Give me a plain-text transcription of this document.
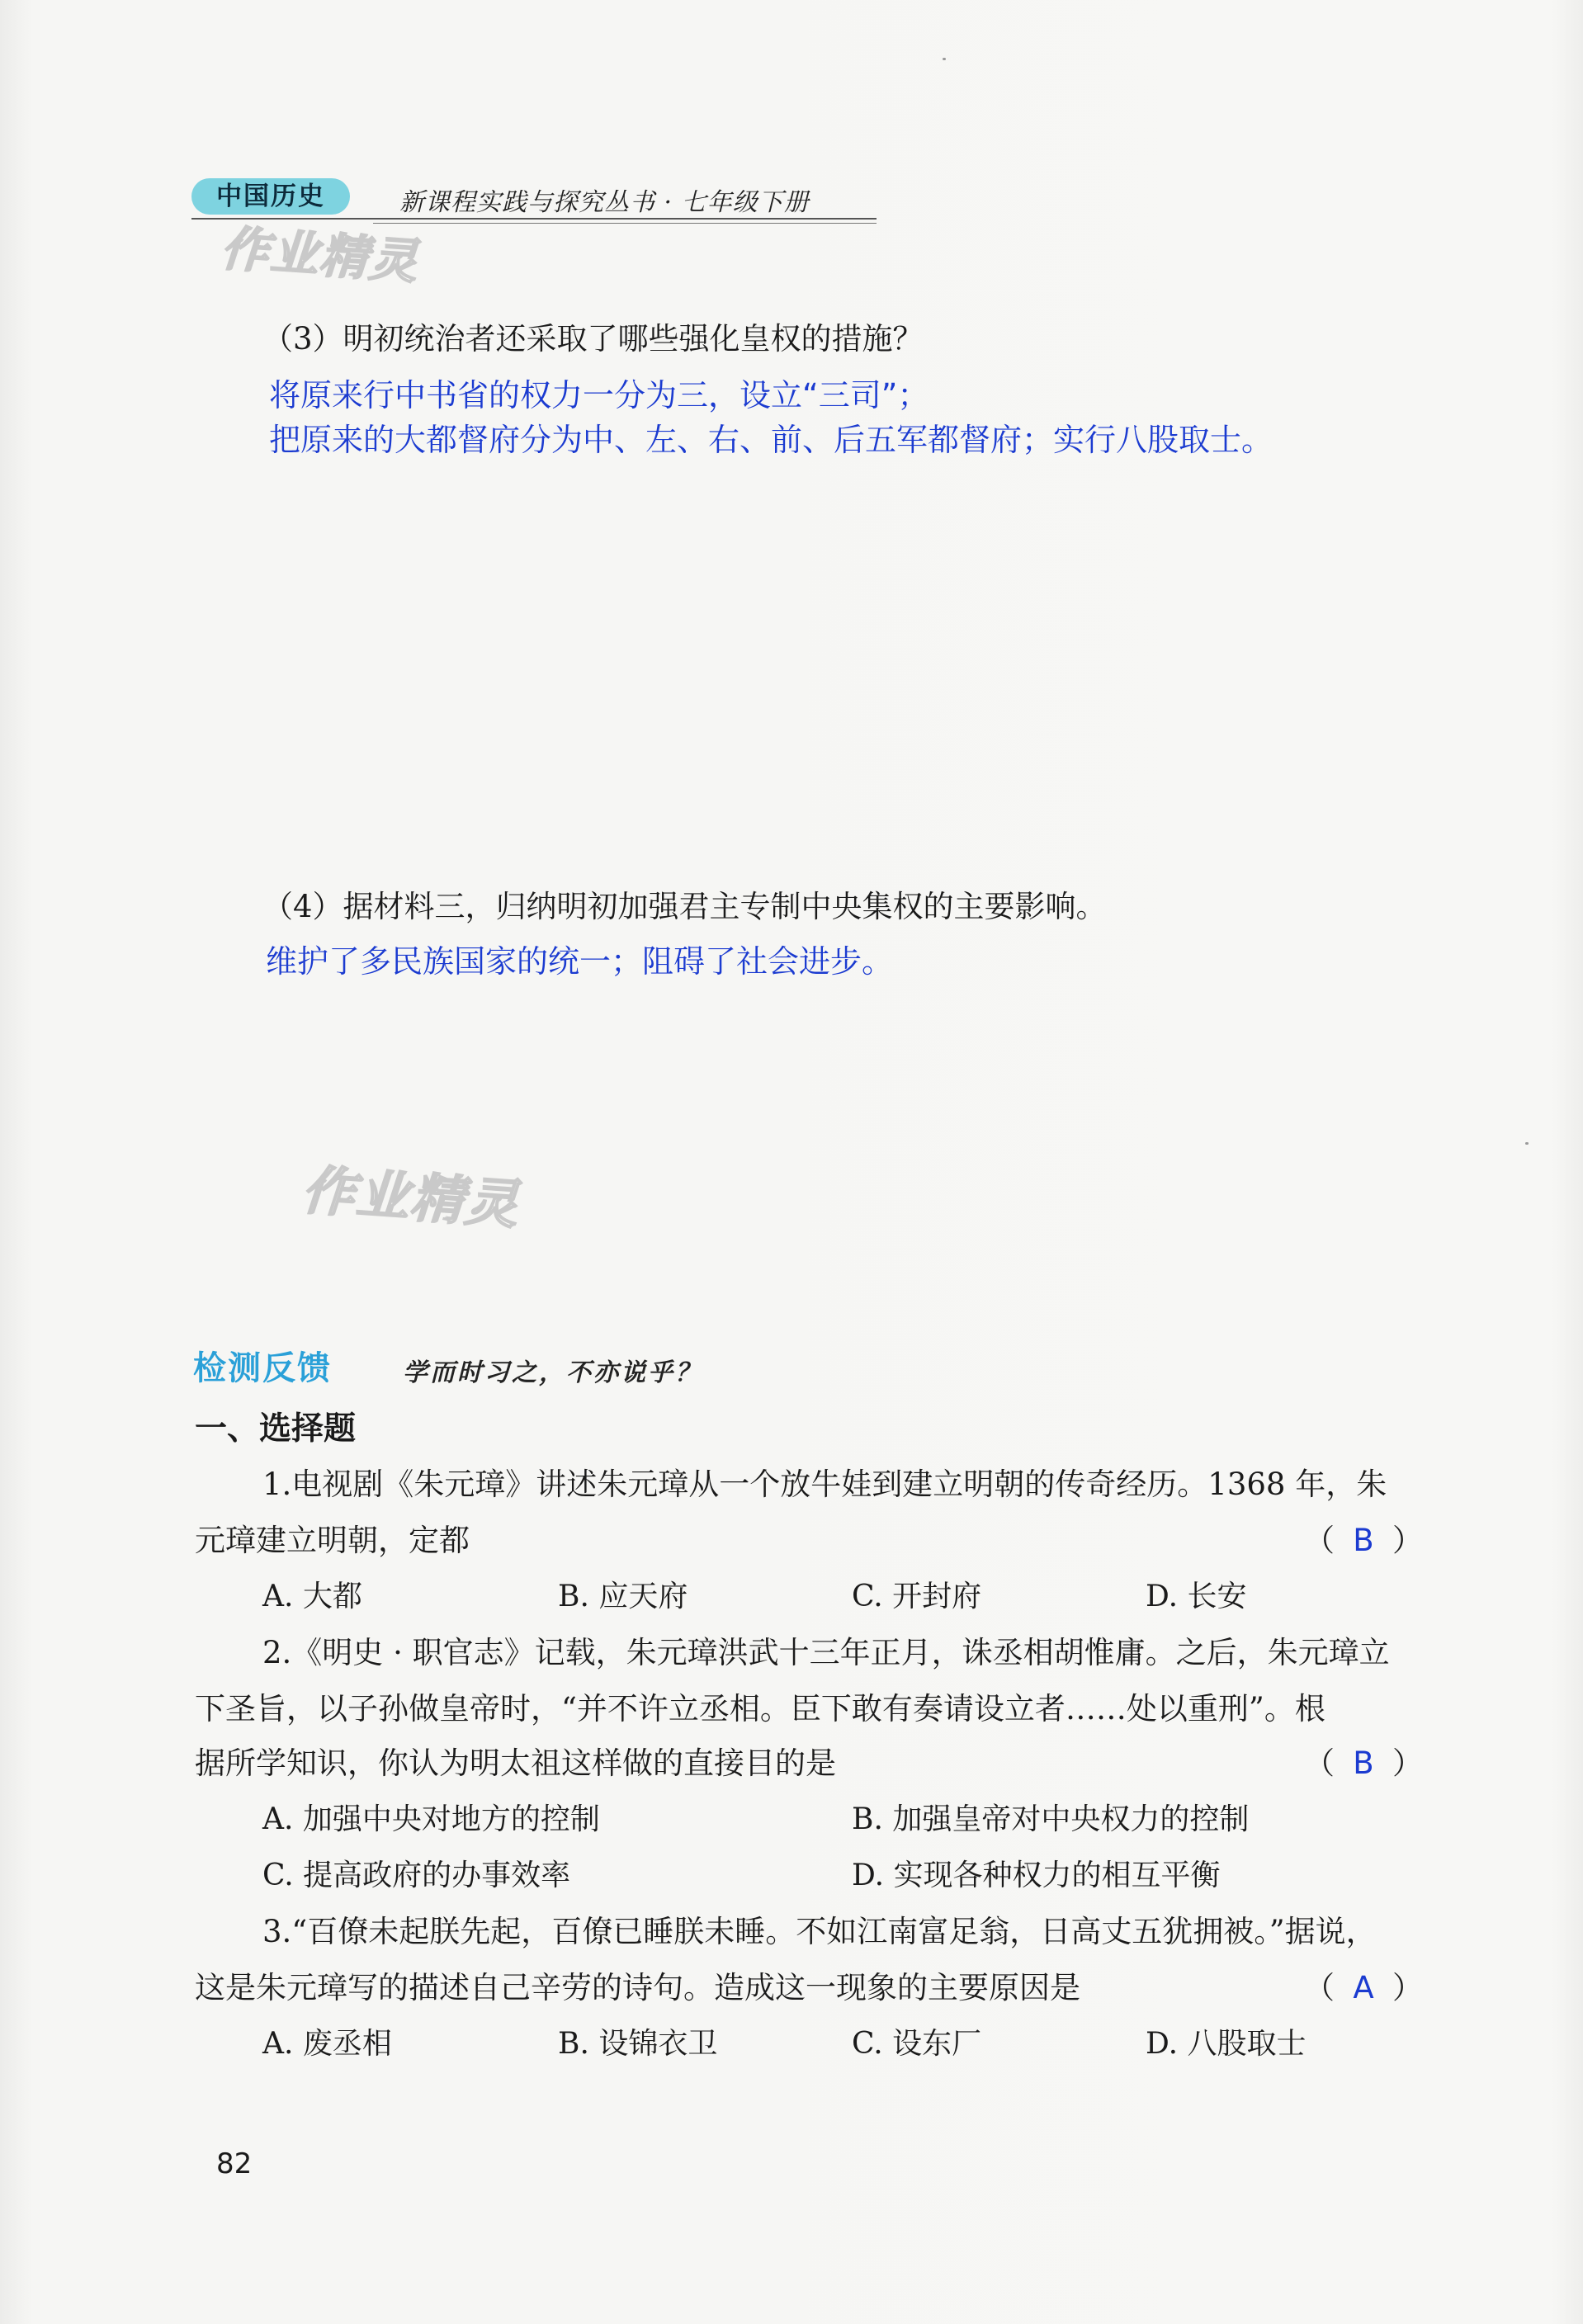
中国历史	新课程实践与探究丛书 · 七年级下册
作业精灵
作业精灵
（3）明初统治者还采取了哪些强化皇权的措施？
将原来行中书省的权力一分为三，设立“三司”；
把原来的大都督府分为中、左、右、前、后五军都督府；实行八股取士。
（4）据材料三，归纳明初加强君主专制中央集权的主要影响。
维护了多民族国家的统一；阻碍了社会进步。
检测反馈	学而时习之，不亦说乎？
一、选择题
1.电视剧《朱元璋》讲述朱元璋从一个放牛娃到建立明朝的传奇经历。1368 年，朱
元璋建立明朝，定都	（ B ）
A. 大都	B. 应天府	C. 开封府	D. 长安
2.《明史 · 职官志》记载，朱元璋洪武十三年正月，诛丞相胡惟庸。之后，朱元璋立
下圣旨，以子孙做皇帝时，“并不许立丞相。臣下敢有奏请设立者……处以重刑”。根
据所学知识，你认为明太祖这样做的直接目的是	（ B ）
A. 加强中央对地方的控制	B. 加强皇帝对中央权力的控制
C. 提高政府的办事效率	D. 实现各种权力的相互平衡
3.“百僚未起朕先起，百僚已睡朕未睡。不如江南富足翁，日高丈五犹拥被。”据说，
这是朱元璋写的描述自己辛劳的诗句。造成这一现象的主要原因是	（ A ）
A. 废丞相	B. 设锦衣卫	C. 设东厂	D. 八股取士
82
